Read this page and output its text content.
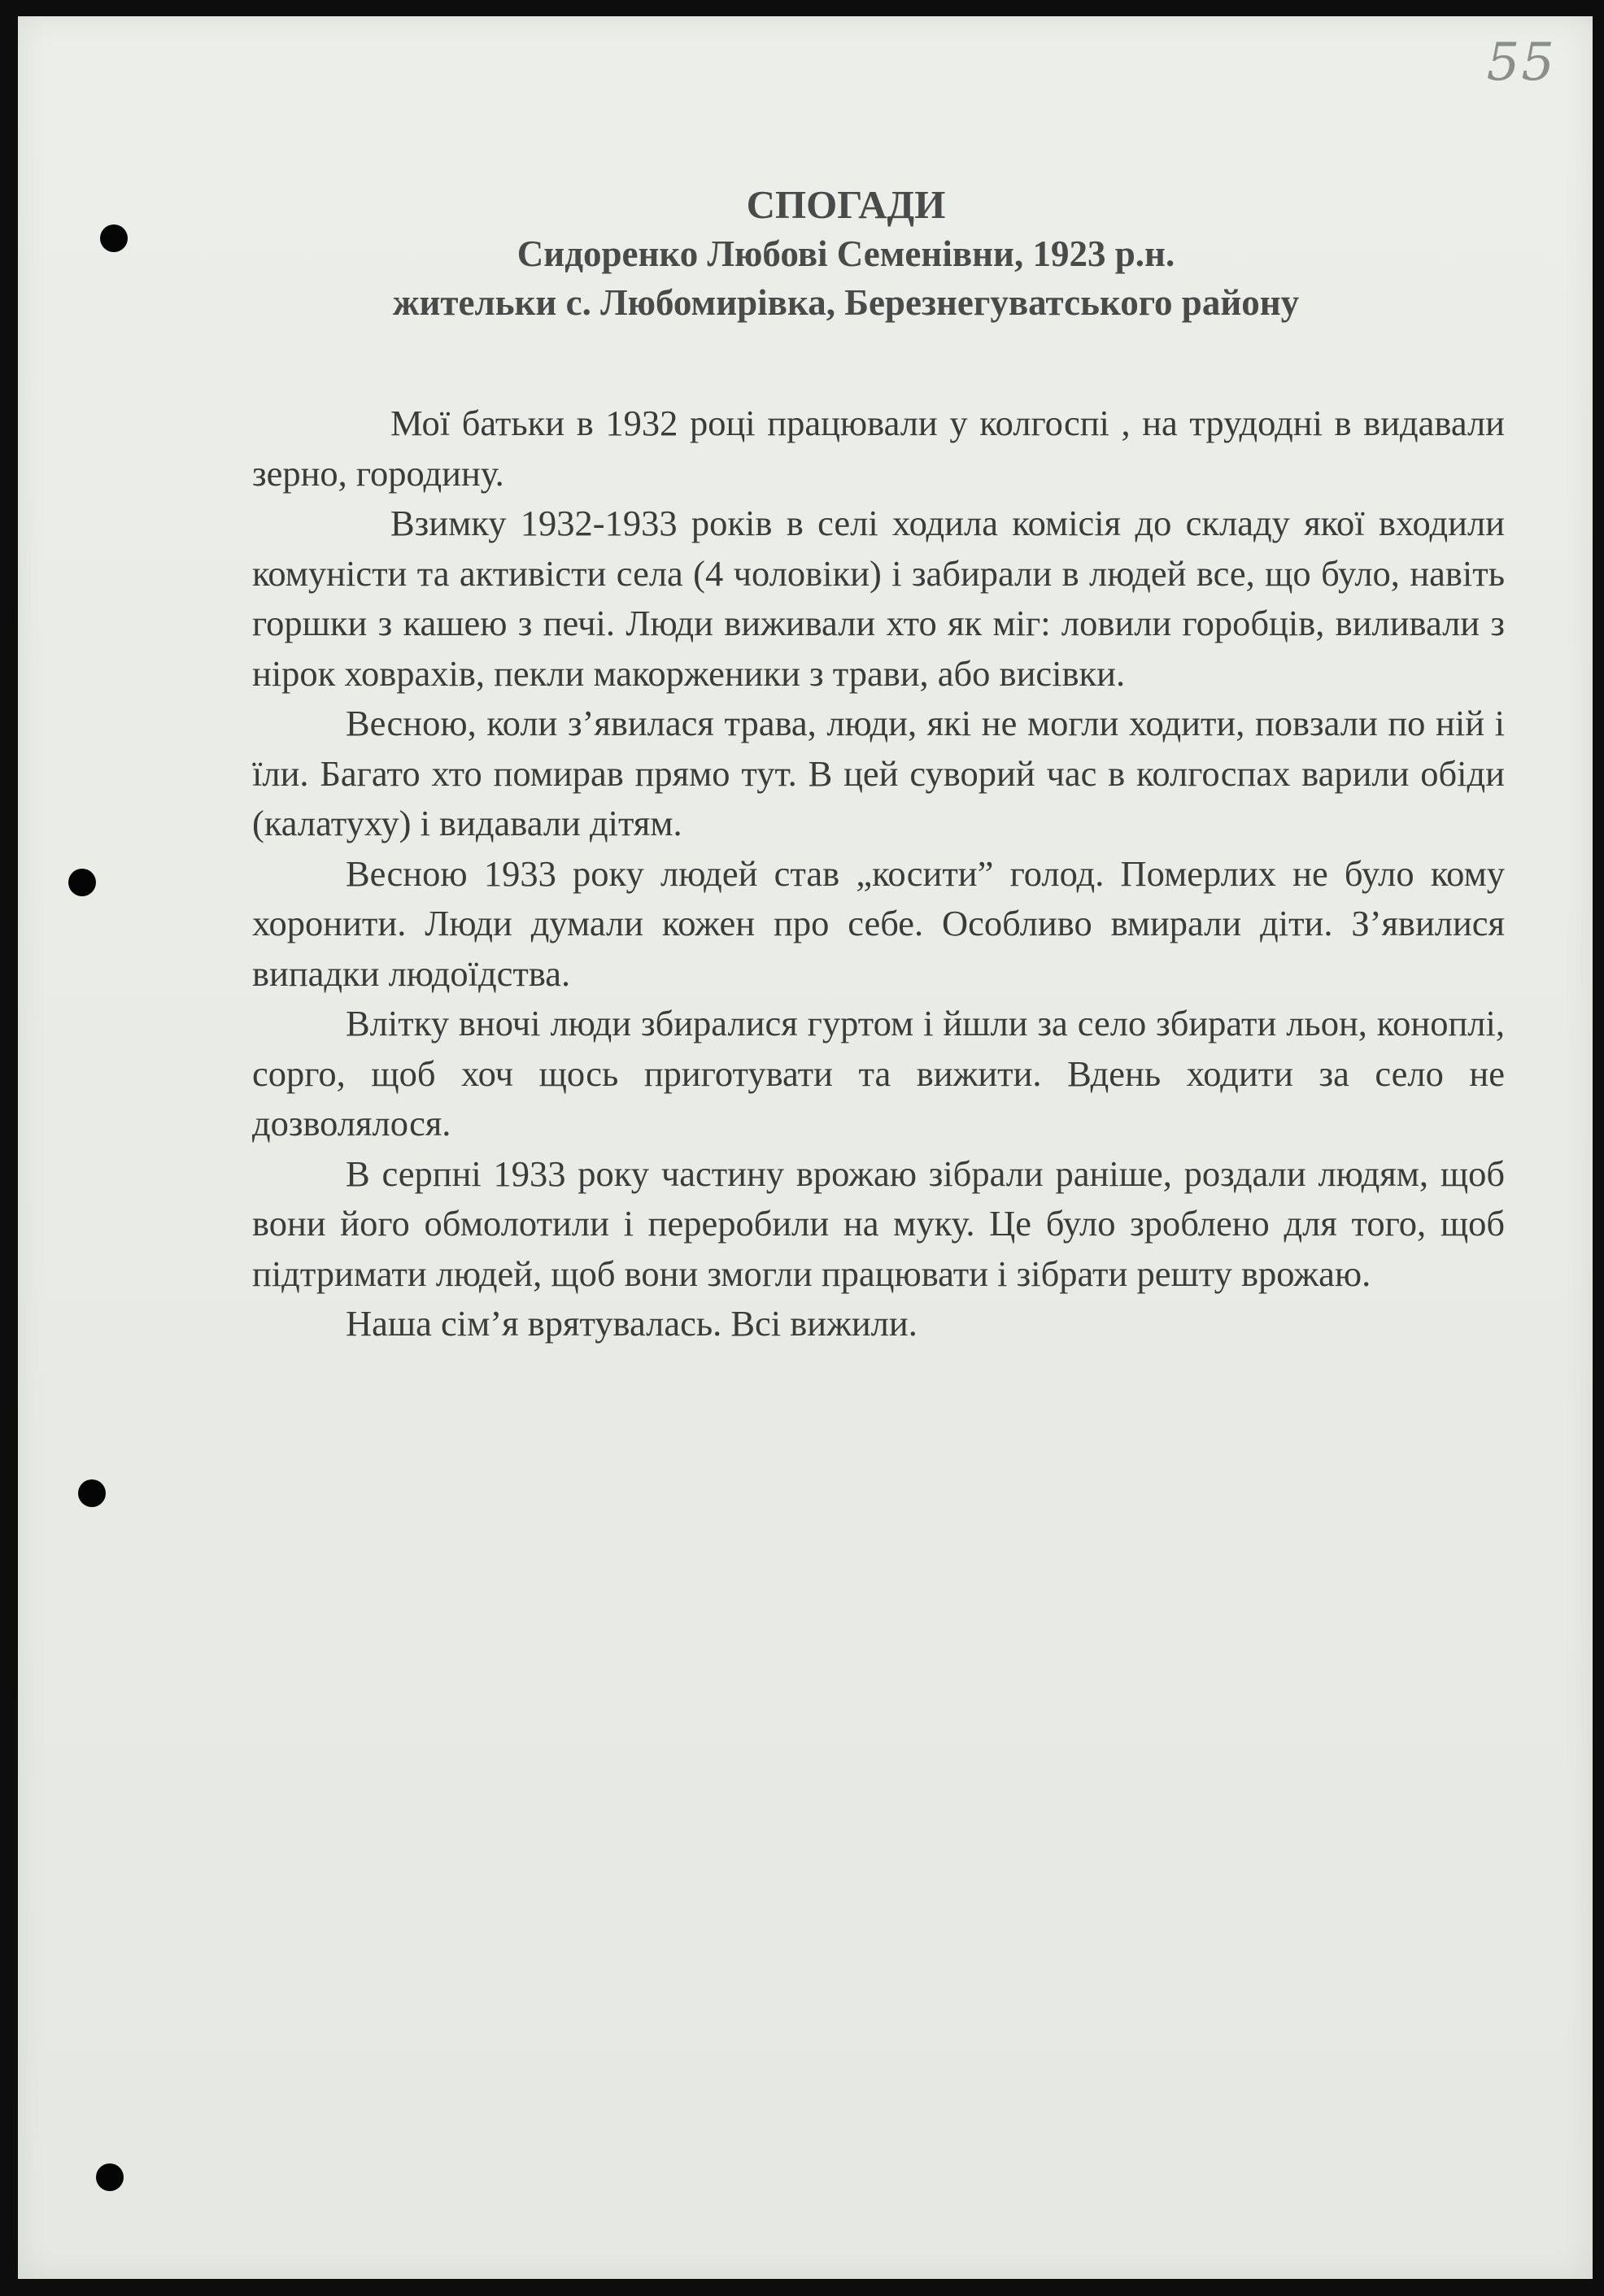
55
СПОГАДИ
Сидоренко Любові Семенівни, 1923 р.н.
жительки с. Любомирівка, Березнегуватського району

Мої батьки в 1932 році працювали у колгоспі , на трудодні в видавали зерно, городину.

Взимку 1932-1933 років в селі ходила комісія до складу якої входили комуністи та активісти села (4 чоловіки) і забирали в людей все, що було, навіть горшки з кашею з печі. Люди виживали хто як міг: ловили горобців, виливали з нірок ховрахів, пекли макорженики з трави, або висівки.

Весною, коли з’явилася трава, люди, які не могли ходити, повзали по ній і їли. Багато хто помирав прямо тут. В цей суворий час в колгоспах варили обіди (калатуху) і видавали дітям.

Весною 1933 року людей став „косити” голод. Померлих не було кому хоронити. Люди думали кожен про себе. Особливо вмирали діти. З’явилися випадки людоїдства.

Влітку вночі люди збиралися гуртом і йшли за село збирати льон, коноплі, сорго, щоб хоч щось приготувати та вижити. Вдень ходити за село не дозволялося.

В серпні 1933 року частину врожаю зібрали раніше, роздали людям, щоб вони його обмолотили і переробили на муку. Це було зроблено для того, щоб підтримати людей, щоб вони змогли працювати і зібрати решту врожаю.

Наша сім’я врятувалась. Всі вижили.
